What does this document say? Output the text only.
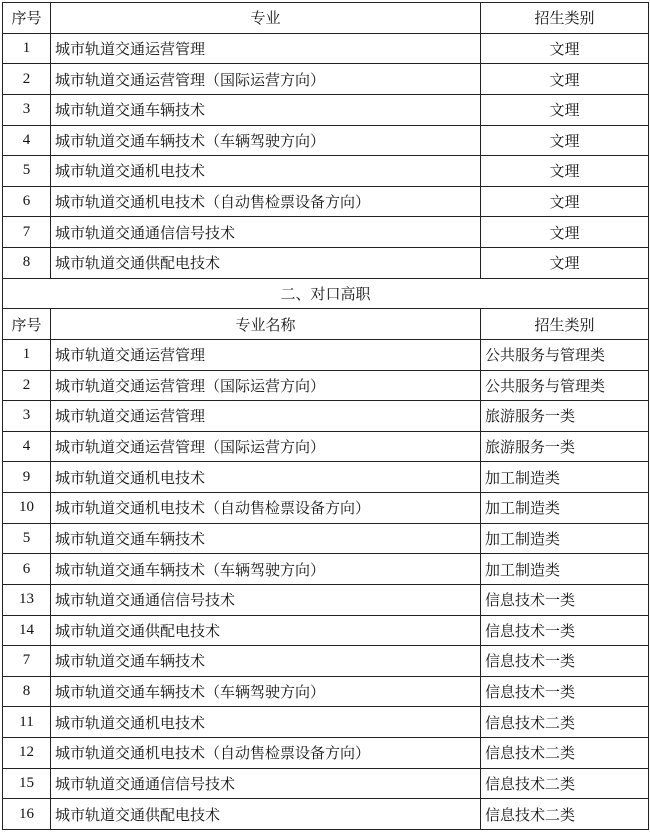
序号	专业	招生类别
1	城市轨道交通运营管理	文理
2	城市轨道交通运营管理（国际运营方向）	文理
3	城市轨道交通车辆技术	文理
4	城市轨道交通车辆技术（车辆驾驶方向）	文理
5	城市轨道交通机电技术	文理
6	城市轨道交通机电技术（自动售检票设备方向）	文理
7	城市轨道交通通信信号技术	文理
8	城市轨道交通供配电技术	文理
二、对口高职		
序号	专业名称	招生类别
1	城市轨道交通运营管理	公共服务与管理类
2	城市轨道交通运营管理（国际运营方向）	公共服务与管理类
3	城市轨道交通运营管理	旅游服务一类
4	城市轨道交通运营管理（国际运营方向）	旅游服务一类
9	城市轨道交通机电技术	加工制造类
10	城市轨道交通机电技术（自动售检票设备方向）	加工制造类
5	城市轨道交通车辆技术	加工制造类
6	城市轨道交通车辆技术（车辆驾驶方向）	加工制造类
13	城市轨道交通通信信号技术	信息技术一类
14	城市轨道交通供配电技术	信息技术一类
7	城市轨道交通车辆技术	信息技术一类
8	城市轨道交通车辆技术（车辆驾驶方向）	信息技术一类
11	城市轨道交通机电技术	信息技术二类
12	城市轨道交通机电技术（自动售检票设备方向）	信息技术二类
15	城市轨道交通通信信号技术	信息技术二类
16	城市轨道交通供配电技术	信息技术二类
